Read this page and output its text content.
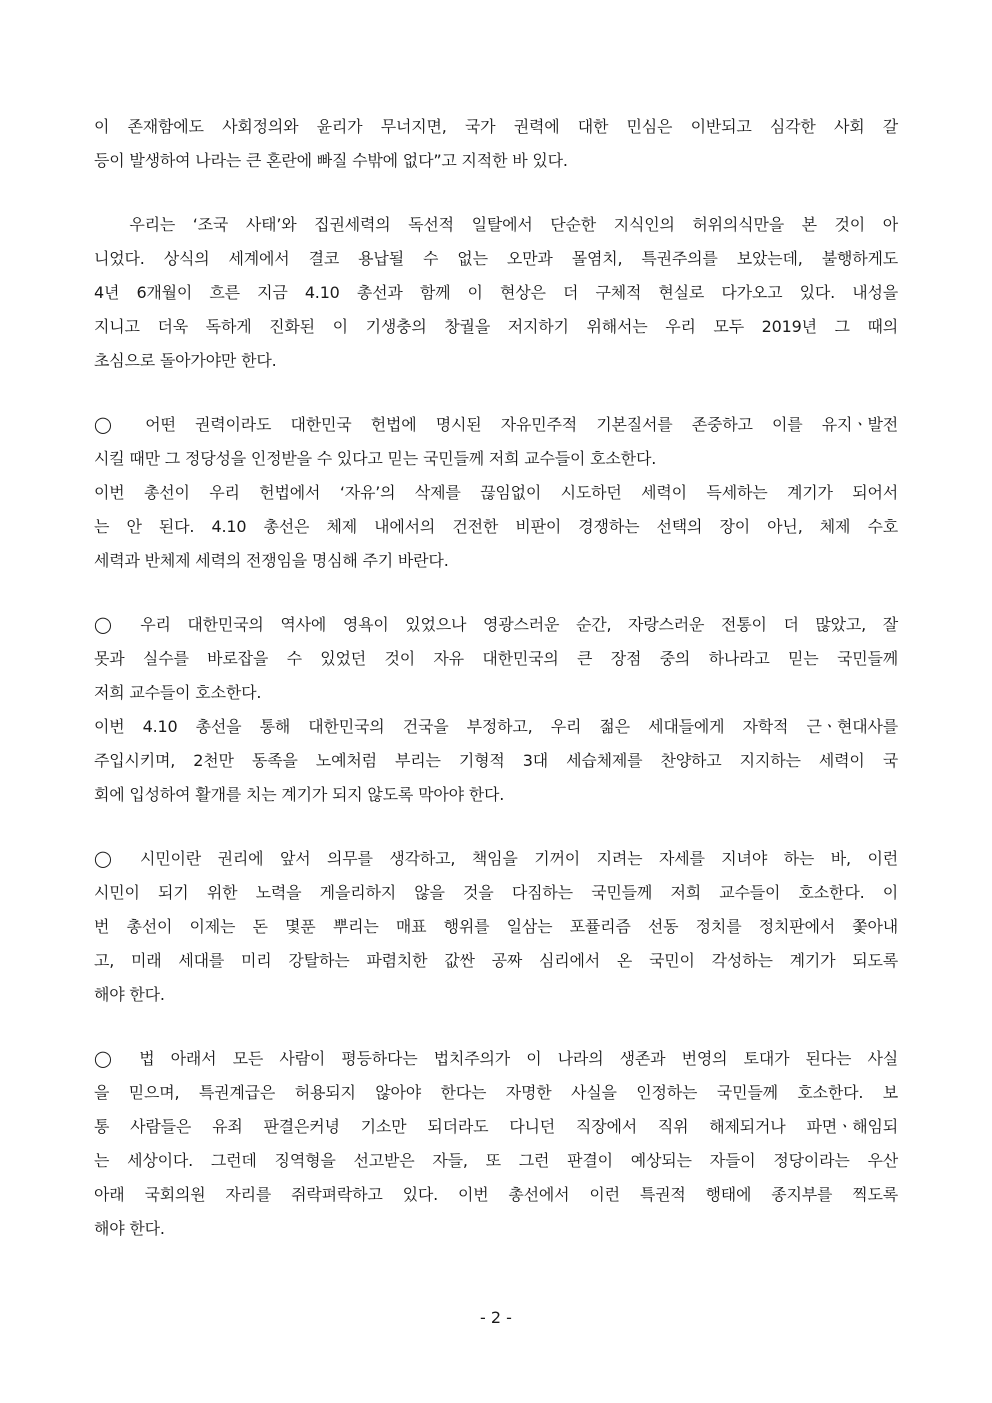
이 존재함에도 사회정의와 윤리가 무너지면, 국가 권력에 대한 민심은 이반되고 심각한 사회 갈
등이 발생하여 나라는 큰 혼란에 빠질 수밖에 없다”고 지적한 바 있다.
우리는 ‘조국 사태’와 집권세력의 독선적 일탈에서 단순한 지식인의 허위의식만을 본 것이 아
니었다. 상식의 세계에서 결코 용납될 수 없는 오만과 몰염치, 특권주의를 보았는데, 불행하게도
4년 6개월이 흐른 지금 4.10 총선과 함께 이 현상은 더 구체적 현실로 다가오고 있다. 내성을
지니고 더욱 독하게 진화된 이 기생충의 창궐을 저지하기 위해서는 우리 모두 2019년 그 때의
초심으로 돌아가야만 한다.
◯ 어떤 권력이라도 대한민국 헌법에 명시된 자유민주적 기본질서를 존중하고 이를 유지ㆍ발전
시킬 때만 그 정당성을 인정받을 수 있다고 믿는 국민들께 저희 교수들이 호소한다.
이번 총선이 우리 헌법에서 ‘자유’의 삭제를 끊임없이 시도하던 세력이 득세하는 계기가 되어서
는 안 된다. 4.10 총선은 체제 내에서의 건전한 비판이 경쟁하는 선택의 장이 아닌, 체제 수호
세력과 반체제 세력의 전쟁임을 명심해 주기 바란다.
◯ 우리 대한민국의 역사에 영욕이 있었으나 영광스러운 순간, 자랑스러운 전통이 더 많았고, 잘
못과 실수를 바로잡을 수 있었던 것이 자유 대한민국의 큰 장점 중의 하나라고 믿는 국민들께
저희 교수들이 호소한다.
이번 4.10 총선을 통해 대한민국의 건국을 부정하고, 우리 젊은 세대들에게 자학적 근ㆍ현대사를
주입시키며, 2천만 동족을 노예처럼 부리는 기형적 3대 세습체제를 찬양하고 지지하는 세력이 국
회에 입성하여 활개를 치는 계기가 되지 않도록 막아야 한다.
◯ 시민이란 권리에 앞서 의무를 생각하고, 책임을 기꺼이 지려는 자세를 지녀야 하는 바, 이런
시민이 되기 위한 노력을 게을리하지 않을 것을 다짐하는 국민들께 저희 교수들이 호소한다. 이
번 총선이 이제는 돈 몇푼 뿌리는 매표 행위를 일삼는 포퓰리즘 선동 정치를 정치판에서 쫓아내
고, 미래 세대를 미리 강탈하는 파렴치한 값싼 공짜 심리에서 온 국민이 각성하는 계기가 되도록
해야 한다.
◯ 법 아래서 모든 사람이 평등하다는 법치주의가 이 나라의 생존과 번영의 토대가 된다는 사실
을 믿으며, 특권계급은 허용되지 않아야 한다는 자명한 사실을 인정하는 국민들께 호소한다. 보
통 사람들은 유죄 판결은커녕 기소만 되더라도 다니던 직장에서 직위 해제되거나 파면ㆍ해임되
는 세상이다. 그런데 징역형을 선고받은 자들, 또 그런 판결이 예상되는 자들이 정당이라는 우산
아래 국회의원 자리를 쥐락펴락하고 있다. 이번 총선에서 이런 특권적 행태에 종지부를 찍도록
해야 한다.
- 2 -
